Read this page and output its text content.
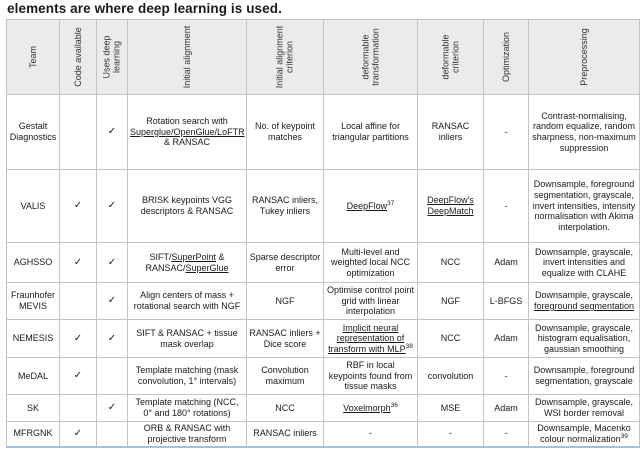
elements are where deep learning is used.
Team	Code available	Uses deep learning	Initial alignment	Initial alignment criterion	deformable transformation	deformable criterion	Optimization	Preprocessing

Gestalt Diagnostics		✓	Rotation search with Superglue/OpenGlue/LoFTR & RANSAC	No. of keypoint matches	Local affine for triangular partitions	RANSAC inliers	-	Contrast-normalising, random equalize, random sharpness, non-maximum suppression
VALIS	✓	✓	BRISK keypoints VGG descriptors & RANSAC	RANSAC inliers, Tukey inliers	DeepFlow$^{37}$	DeepFlow's DeepMatch	-	Downsample, foreground segmentation, grayscale, invert intensities, intensity normalisation with Akima interpolation.
AGHSSO	✓	✓	SIFT/SuperPoint & RANSAC/SuperGlue	Sparse descriptor error	Multi-level and weighted local NCC optimization	NCC	Adam	Downsample, grayscale, invert intensities and equalize with CLAHE
Fraunhofer MEVIS		✓	Align centers of mass + rotational search with NGF	NGF	Optimise control point grid with linear interpolation	NGF	L-BFGS	Downsample, grayscale, foreground segmentation
NEMESIS	✓	✓	SIFT & RANSAC + tissue mask overlap	RANSAC inliers + Dice score	Implicit neural representation of transform with MLP$^{38}$	NCC	Adam	Downsample, grayscale, histogram equalisation, gaussian smoothing
MeDAL	✓		Template matching (mask convolution, 1° intervals)	Convolution maximum	RBF in local keypoints found from tissue masks	convolution	-	Downsample, foreground segmentation, grayscale
SK		✓	Template matching (NCC, 0° and 180° rotations)	NCC	Voxelmorph$^{36}$	MSE	Adam	Downsample, grayscale, WSI border removal
MFRGNK	✓		ORB & RANSAC with projective transform	RANSAC inliers	-	-	-	Downsample, Macenko colour normalization$^{39}$
